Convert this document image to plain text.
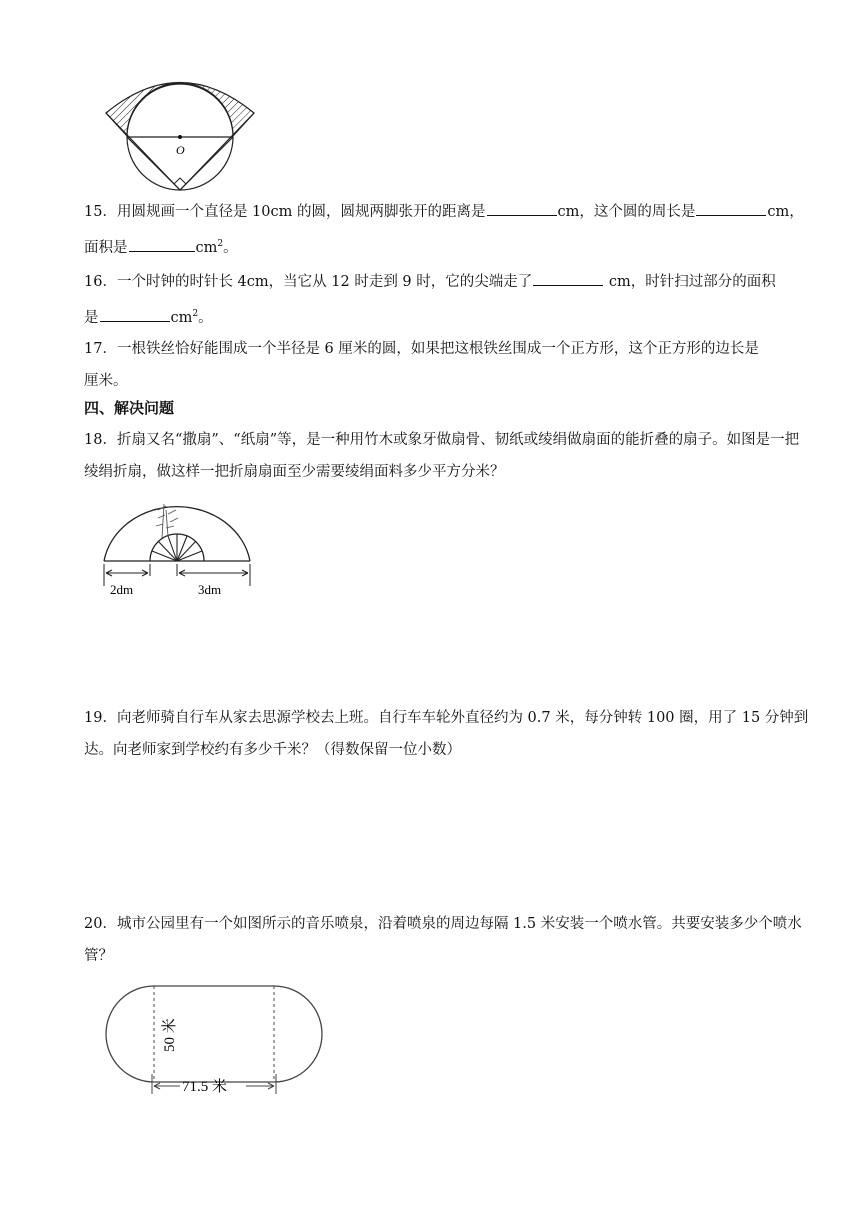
O
15．用圆规画一个直径是 10cm 的圆，圆规两脚张开的距离是	cm，这个圆的周长是	cm，
面积是	$cm^2$。
16．一个时钟的时针长 4cm，当它从 12 时走到 9 时，它的尖端走了	cm，时针扫过部分的面积
是	$cm^2$。
17．一根铁丝恰好能围成一个半径是 6 厘米的圆，如果把这根铁丝围成一个正方形，这个正方形的边长是
厘米。
四、解决问题
18．折扇又名“撒扇”、“纸扇”等，是一种用竹木或象牙做扇骨、韧纸或绫绢做扇面的能折叠的扇子。如图是一把绫绢折扇，做这样一把折扇扇面至少需要绫绢面料多少平方分米？
2dm	3dm
19．向老师骑自行车从家去思源学校去上班。自行车车轮外直径约为 0.7 米，每分钟转 100 圈，用了 15 分钟到达。向老师家到学校约有多少千米？（得数保留一位小数）
20．城市公园里有一个如图所示的音乐喷泉，沿着喷泉的周边每隔 1.5 米安装一个喷水管。共要安装多少个喷水管？
50 米
71.5 米
